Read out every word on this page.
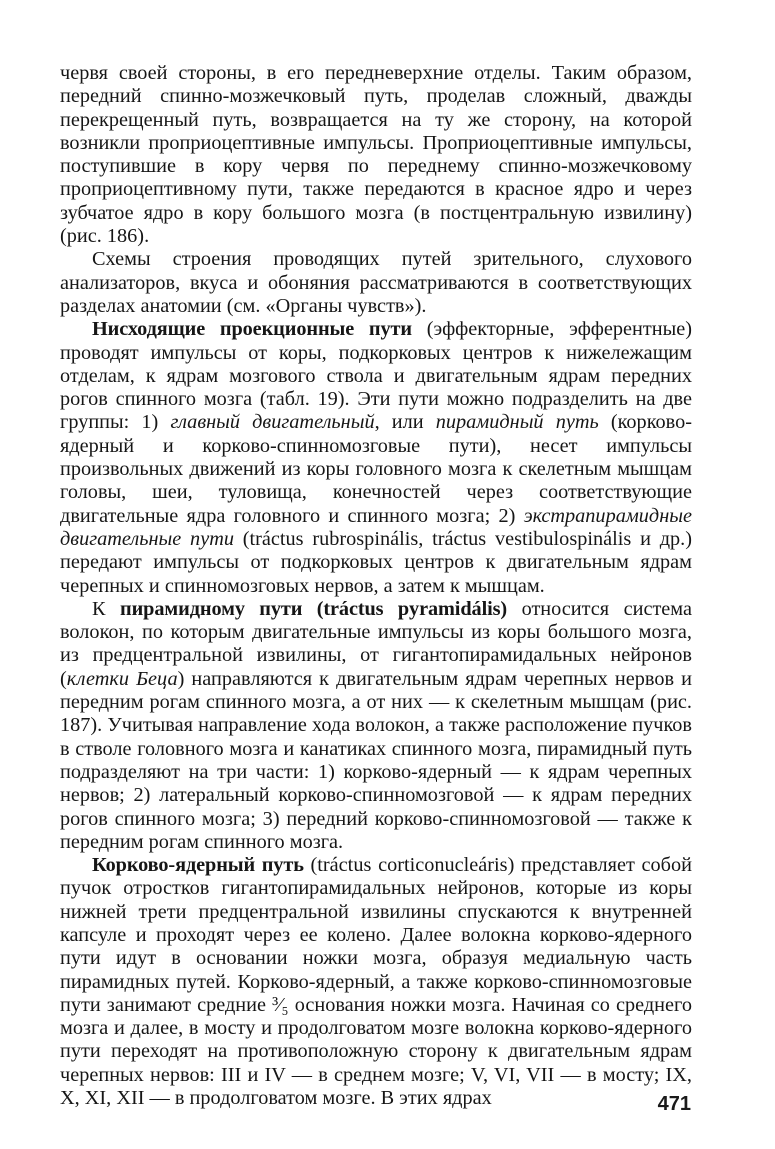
червя своей стороны, в его передневерхние отделы. Таким образом, передний спинно-мозжечковый путь, проделав сложный, дважды перекрещенный путь, возвращается на ту же сторону, на которой возникли проприоцептивные импульсы. Проприоцептивные импульсы, поступившие в кору червя по переднему спинно-мозжечковому проприоцептивному пути, также передаются в красное ядро и через зубчатое ядро в кору большого мозга (в постцентральную извилину) (рис. 186).

Схемы строения проводящих путей зрительного, слухового анализаторов, вкуса и обоняния рассматриваются в соответствующих разделах анатомии (см. «Органы чувств»).

Нисходящие проекционные пути (эффекторные, эфферентные) проводят импульсы от коры, подкорковых центров к нижележащим отделам, к ядрам мозгового ствола и двигательным ядрам передних рогов спинного мозга (табл. 19). Эти пути можно подразделить на две группы: 1) главный двигательный, или пирамидный путь (корково-ядерный и корково-спинномозговые пути), несет импульсы произвольных движений из коры головного мозга к скелетным мышцам головы, шеи, туловища, конечностей через соответствующие двигательные ядра головного и спинного мозга; 2) экстрапирамидные двигательные пути (tráctus rubrospinális, tráctus vestibulospinális и др.) передают импульсы от подкорковых центров к двигательным ядрам черепных и спинномозговых нервов, а затем к мышцам.

К пирамидному пути (tráctus pyramidális) относится система волокон, по которым двигательные импульсы из коры большого мозга, из предцентральной извилины, от гигантопирамидальных нейронов (клетки Беца) направляются к двигательным ядрам черепных нервов и передним рогам спинного мозга, а от них — к скелетным мышцам (рис. 187). Учитывая направление хода волокон, а также расположение пучков в стволе головного мозга и канатиках спинного мозга, пирамидный путь подразделяют на три части: 1) корково-ядерный — к ядрам черепных нервов; 2) латеральный корково-спинномозговой — к ядрам передних рогов спинного мозга; 3) передний корково-спинномозговой — также к передним рогам спинного мозга.

Корково-ядерный путь (tráctus corticonucleáris) представляет собой пучок отростков гигантопирамидальных нейронов, которые из коры нижней трети предцентральной извилины спускаются к внутренней капсуле и проходят через ее колено. Далее волокна корково-ядерного пути идут в основании ножки мозга, образуя медиальную часть пирамидных путей. Корково-ядерный, а также корково-спинномозговые пути занимают средние ³⁄₅ основания ножки мозга. Начиная со среднего мозга и далее, в мосту и продолговатом мозге волокна корково-ядерного пути переходят на противоположную сторону к двигательным ядрам черепных нервов: III и IV — в среднем мозге; V, VI, VII — в мосту; IX, X, XI, XII — в продолговатом мозге. В этих ядрах	471
